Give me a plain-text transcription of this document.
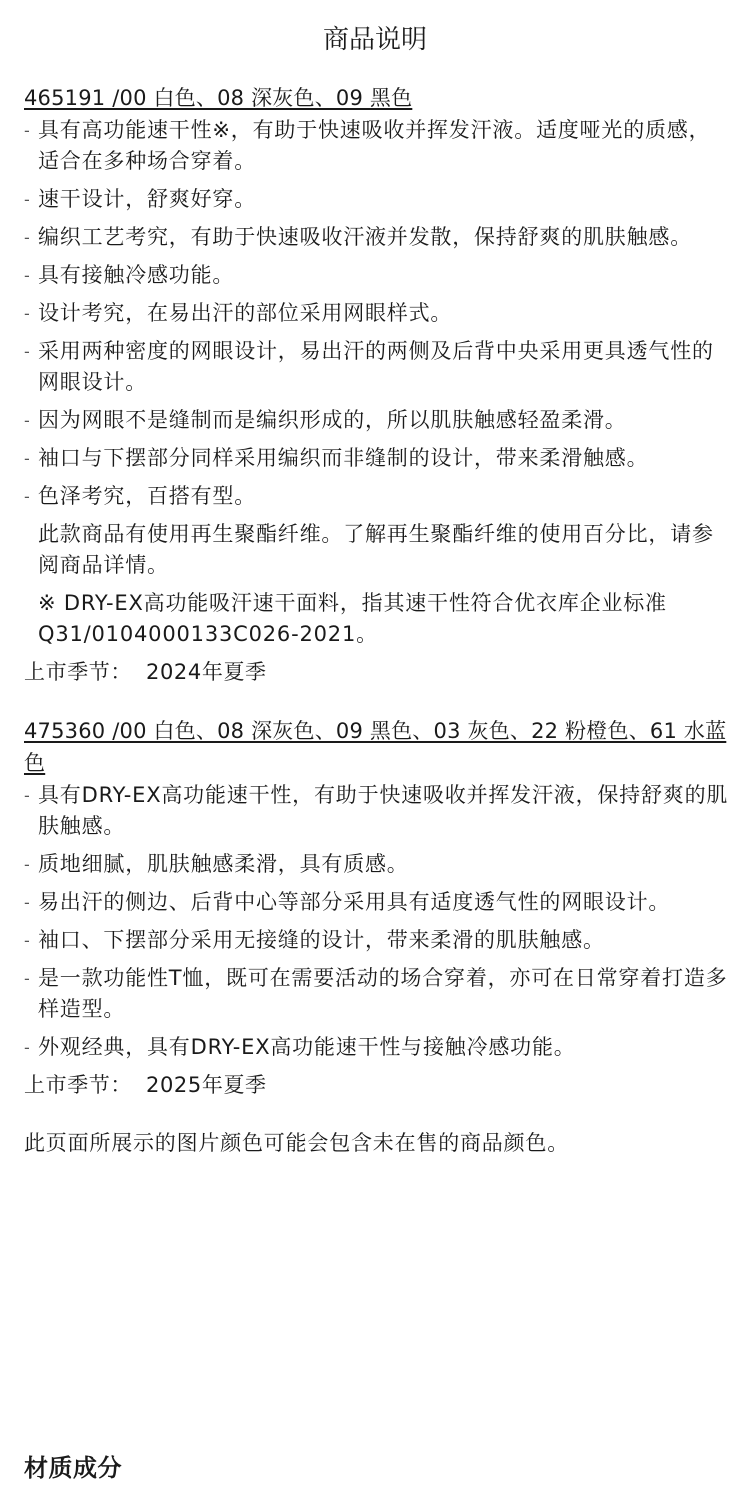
商品说明
465191 /00 白色、08 深灰色、09 黑色
- 具有高功能速干性※，有助于快速吸收并挥发汗液。适度哑光的质感，适合在多种场合穿着。
- 速干设计，舒爽好穿。
- 编织工艺考究，有助于快速吸收汗液并发散，保持舒爽的肌肤触感。
- 具有接触冷感功能。
- 设计考究，在易出汗的部位采用网眼样式。
- 采用两种密度的网眼设计，易出汗的两侧及后背中央采用更具透气性的网眼设计。
- 因为网眼不是缝制而是编织形成的，所以肌肤触感轻盈柔滑。
- 袖口与下摆部分同样采用编织而非缝制的设计，带来柔滑触感。
- 色泽考究，百搭有型。
此款商品有使用再生聚酯纤维。了解再生聚酯纤维的使用百分比，请参阅商品详情。
※ DRY-EX高功能吸汗速干面料，指其速干性符合优衣库企业标准Q31/0104000133C026-2021。
上市季节： 2024年夏季
475360 /00 白色、08 深灰色、09 黑色、03 灰色、22 粉橙色、61 水蓝色
- 具有DRY-EX高功能速干性，有助于快速吸收并挥发汗液，保持舒爽的肌肤触感。
- 质地细腻，肌肤触感柔滑，具有质感。
- 易出汗的侧边、后背中心等部分采用具有适度透气性的网眼设计。
- 袖口、下摆部分采用无接缝的设计，带来柔滑的肌肤触感。
- 是一款功能性T恤，既可在需要活动的场合穿着，亦可在日常穿着打造多样造型。
- 外观经典，具有DRY-EX高功能速干性与接触冷感功能。
上市季节： 2025年夏季
此页面所展示的图片颜色可能会包含未在售的商品颜色。
材质成分
